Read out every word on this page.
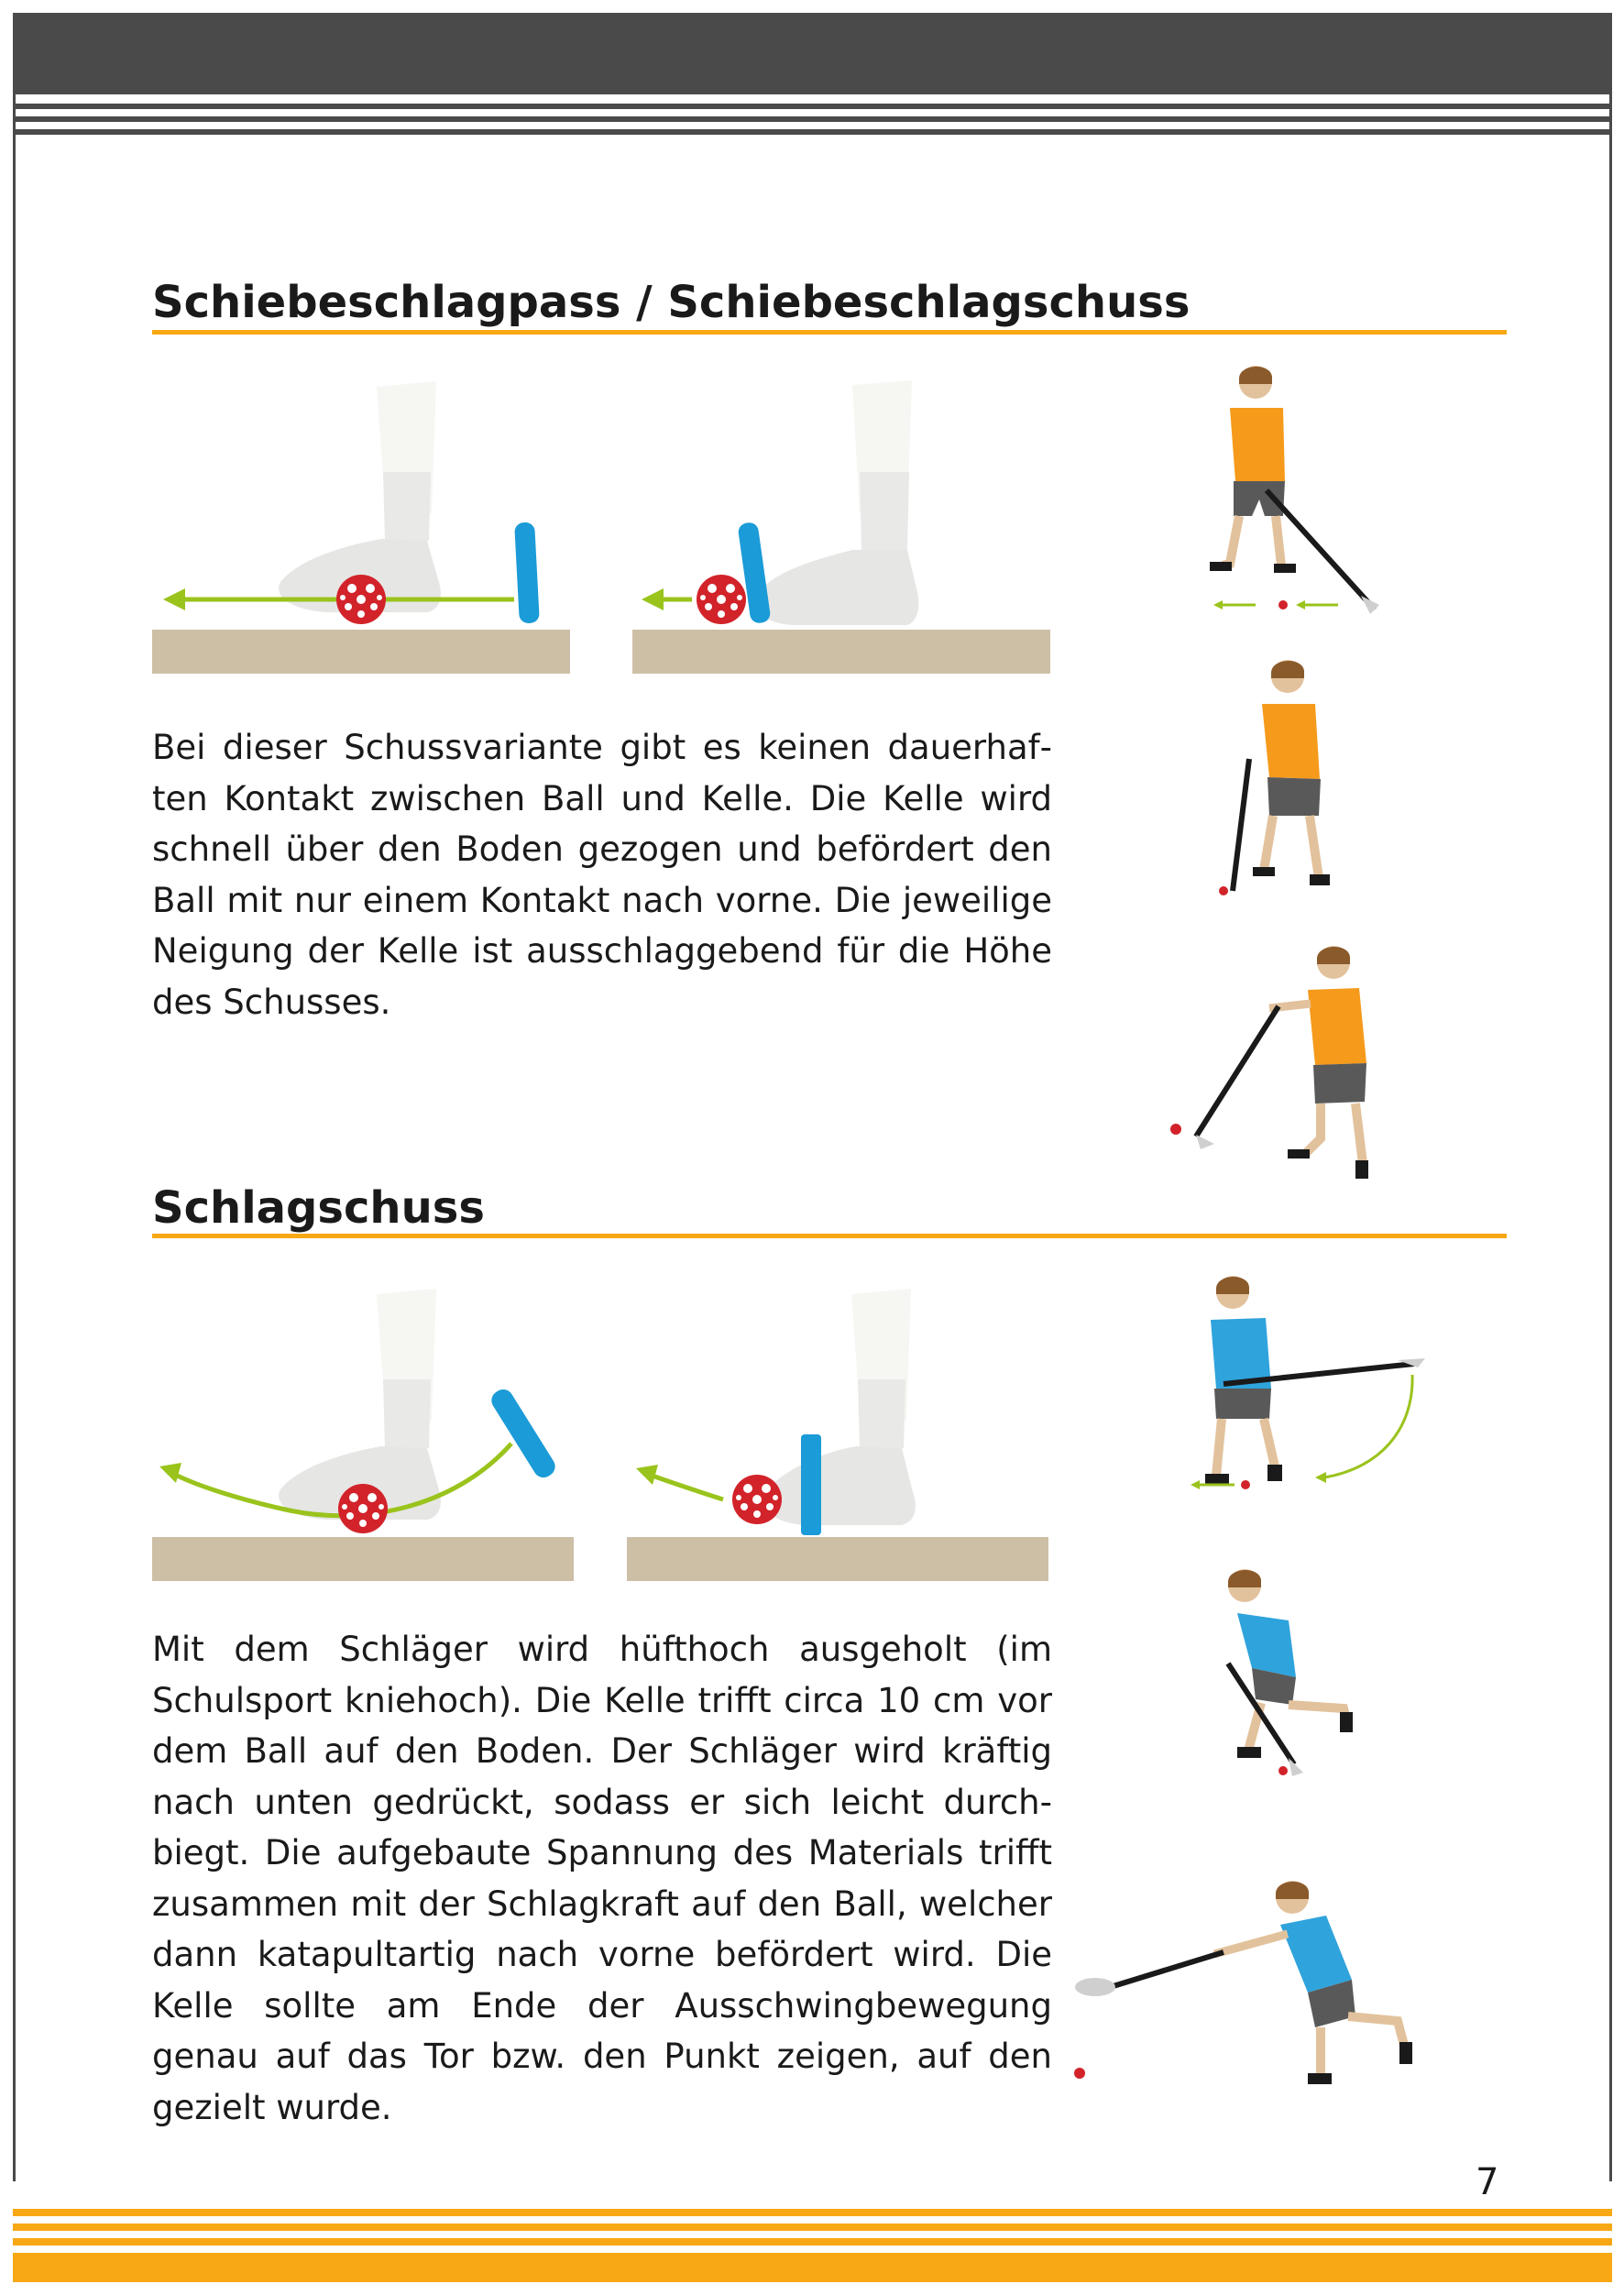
Schiebeschlagpass / Schiebeschlagschuss

Bei dieser Schussvariante gibt es keinen dauerhaften Kontakt zwischen Ball und Kelle. Die Kelle wird schnell über den Boden gezogen und befördert den Ball mit nur einem Kontakt nach vorne. Die jeweilige Neigung der Kelle ist ausschlaggebend für die Höhe des Schusses.

Schlagschuss

Mit dem Schläger wird hüfthoch ausgeholt (im Schulsport kniehoch). Die Kelle trifft circa 10 cm vor dem Ball auf den Boden. Der Schläger wird kräftig nach unten gedrückt, sodass er sich leicht durchbiegt. Die aufgebaute Spannung des Materials trifft zusammen mit der Schlagkraft auf den Ball, welcher dann katapultartig nach vorne befördert wird. Die Kelle sollte am Ende der Ausschwingbewegung genau auf das Tor bzw. den Punkt zeigen, auf den gezielt wurde.

7
